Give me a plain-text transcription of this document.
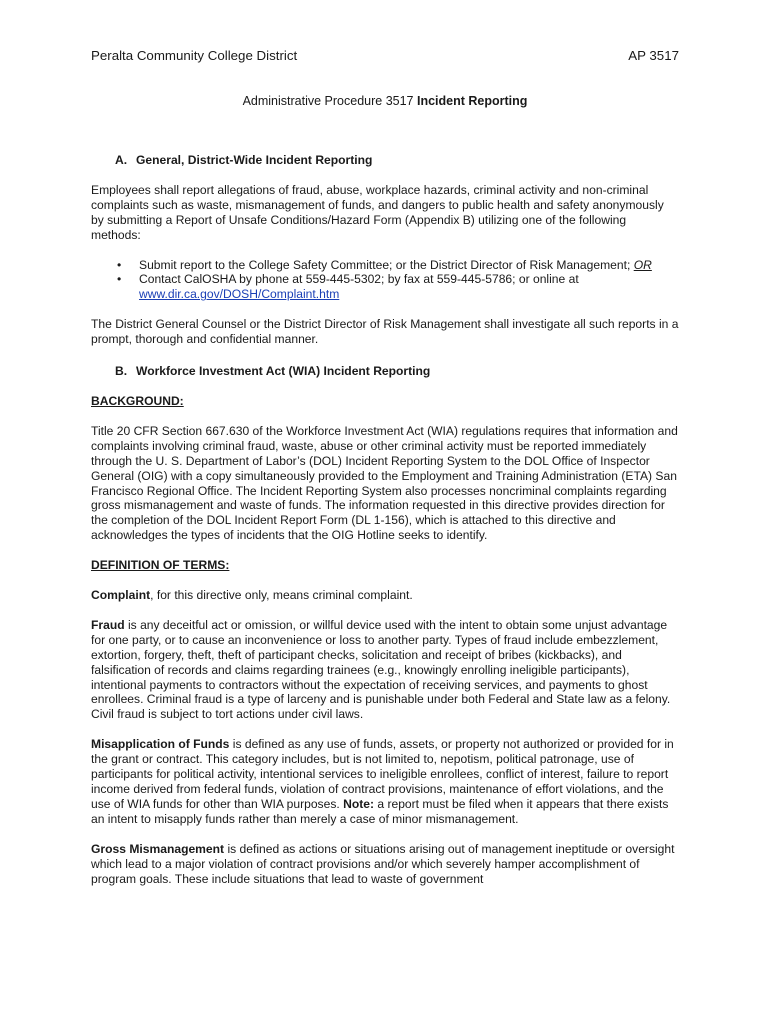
Peralta Community College District	AP 3517
Administrative Procedure 3517 Incident Reporting

A. General, District-Wide Incident Reporting

Employees shall report allegations of fraud, abuse, workplace hazards, criminal activity and non-criminal complaints such as waste, mismanagement of funds, and dangers to public health and safety anonymously by submitting a Report of Unsafe Conditions/Hazard Form (Appendix B) utilizing one of the following methods:

• Submit report to the College Safety Committee; or the District Director of Risk Management; OR
• Contact CalOSHA by phone at 559-445-5302; by fax at 559-445-5786; or online at
www.dir.ca.gov/DOSH/Complaint.htm

The District General Counsel or the District Director of Risk Management shall investigate all such reports in a prompt, thorough and confidential manner.

B. Workforce Investment Act (WIA) Incident Reporting

BACKGROUND:

Title 20 CFR Section 667.630 of the Workforce Investment Act (WIA) regulations requires that information and complaints involving criminal fraud, waste, abuse or other criminal activity must be reported immediately through the U. S. Department of Labor’s (DOL) Incident Reporting System to the DOL Office of Inspector General (OIG) with a copy simultaneously provided to the Employment and Training Administration (ETA) San Francisco Regional Office. The Incident Reporting System also processes noncriminal complaints regarding gross mismanagement and waste of funds. The information requested in this directive provides direction for the completion of the DOL Incident Report Form (DL 1-156), which is attached to this directive and acknowledges the types of incidents that the OIG Hotline seeks to identify.

DEFINITION OF TERMS:

Complaint, for this directive only, means criminal complaint.

Fraud is any deceitful act or omission, or willful device used with the intent to obtain some unjust advantage for one party, or to cause an inconvenience or loss to another party. Types of fraud include embezzlement, extortion, forgery, theft, theft of participant checks, solicitation and receipt of bribes (kickbacks), and falsification of records and claims regarding trainees (e.g., knowingly enrolling ineligible participants), intentional payments to contractors without the expectation of receiving services, and payments to ghost enrollees. Criminal fraud is a type of larceny and is punishable under both Federal and State law as a felony. Civil fraud is subject to tort actions under civil laws.

Misapplication of Funds is defined as any use of funds, assets, or property not authorized or provided for in the grant or contract. This category includes, but is not limited to, nepotism, political patronage, use of participants for political activity, intentional services to ineligible enrollees, conflict of interest, failure to report income derived from federal funds, violation of contract provisions, maintenance of effort violations, and the use of WIA funds for other than WIA purposes. Note: a report must be filed when it appears that there exists an intent to misapply funds rather than merely a case of minor mismanagement.

Gross Mismanagement is defined as actions or situations arising out of management ineptitude or oversight which lead to a major violation of contract provisions and/or which severely hamper accomplishment of program goals. These include situations that lead to waste of government
